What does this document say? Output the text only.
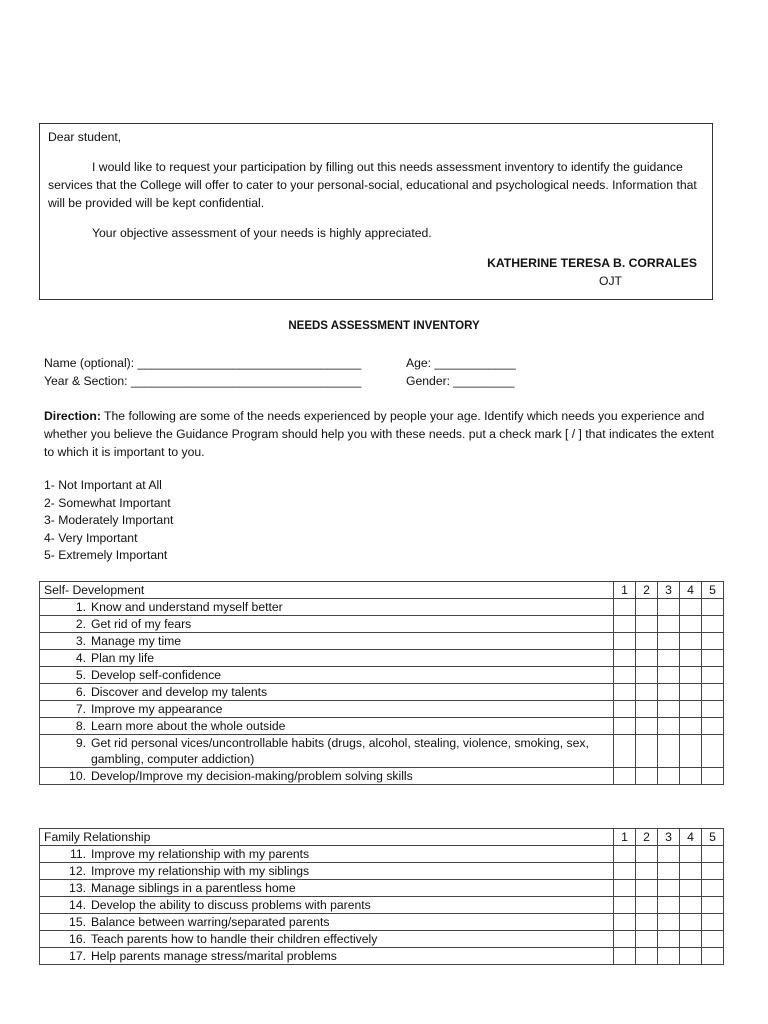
Dear student,

I would like to request your participation by filling out this needs assessment inventory to identify the guidance services that the College will offer to cater to your personal-social, educational and psychological needs. Information that will be provided will be kept confidential.

Your objective assessment of your needs is highly appreciated.

KATHERINE TERESA B. CORRALES
OJT
NEEDS ASSESSMENT INVENTORY
Name (optional): _________________________________	Age: ____________
Year & Section: __________________________________	Gender: _________
Direction: The following are some of the needs experienced by people your age. Identify which needs you experience and whether you believe the Guidance Program should help you with these needs. put a check mark [ / ] that indicates the extent to which it is important to you.
1- Not Important at All
2- Somewhat Important
3- Moderately Important
4- Very Important
5- Extremely Important
Self- Development	1	2	3	4	5

1. Know and understand myself better					

2. Get rid of my fears					

3. Manage my time					

4. Plan my life					

5. Develop self-confidence					

6. Discover and develop my talents					

7. Improve my appearance					

8. Learn more about the whole outside					

9. Get rid personal vices/uncontrollable habits (drugs, alcohol, stealing, violence, smoking, sex, gambling, computer addiction)					

10. Develop/Improve my decision-making/problem solving skills					

Family Relationship	1	2	3	4	5

11. Improve my relationship with my parents					

12. Improve my relationship with my siblings					

13. Manage siblings in a parentless home					

14. Develop the ability to discuss problems with parents					

15. Balance between warring/separated parents					

16. Teach parents how to handle their children effectively					

17. Help parents manage stress/marital problems					
